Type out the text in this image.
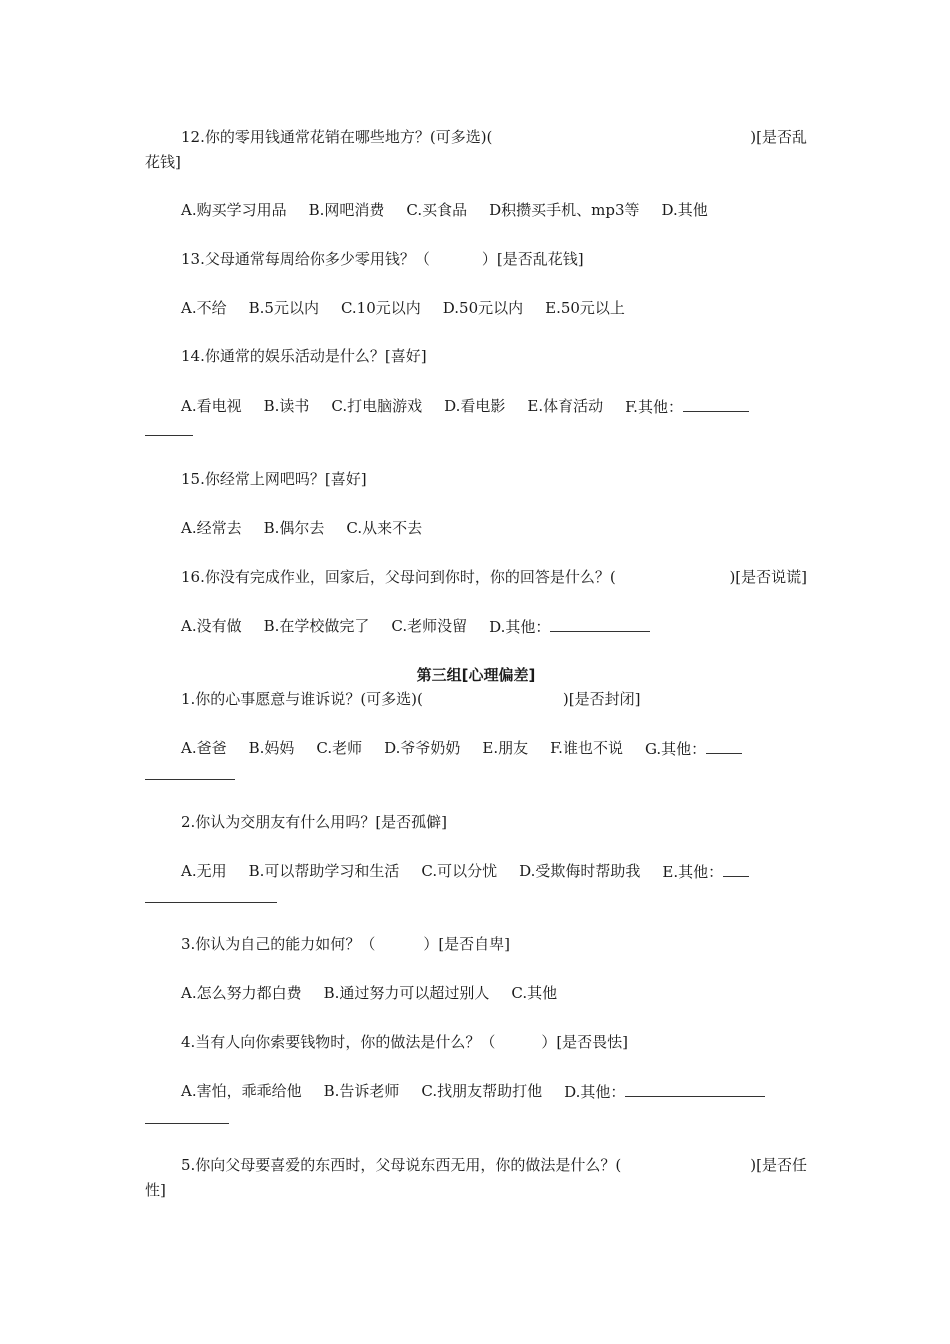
12.你的零用钱通常花销在哪些地方？(可多选)(	)[是否乱
花钱]
A.购买学习用品 B.网吧消费 C.买食品 D积攒买手机、mp3等 D.其他
13.父母通常每周给你多少零用钱？（	）[是否乱花钱]
A.不给 B.5元以内 C.10元以内 D.50元以内 E.50元以上
14.你通常的娱乐活动是什么？[喜好]
A.看电视 B.读书 C.打电脑游戏 D.看电影 E.体育活动 F.其他：
15.你经常上网吧吗？[喜好]
A.经常去 B.偶尔去 C.从来不去
16.你没有完成作业，回家后，父母问到你时，你的回答是什么？(	)[是否说谎]
A.没有做 B.在学校做完了 C.老师没留 D.其他：
第三组[心理偏差]
1.你的心事愿意与谁诉说？(可多选)(	)[是否封闭]
A.爸爸 B.妈妈 C.老师 D.爷爷奶奶 E.朋友 F.谁也不说 G.其他：
2.你认为交朋友有什么用吗？[是否孤僻]
A.无用 B.可以帮助学习和生活 C.可以分忧 D.受欺侮时帮助我 E.其他：
3.你认为自己的能力如何？（	）[是否自卑]
A.怎么努力都白费 B.通过努力可以超过别人 C.其他
4.当有人向你索要钱物时，你的做法是什么？（	）[是否畏怯]
A.害怕，乖乖给他 B.告诉老师 C.找朋友帮助打他 D.其他：
5.你向父母要喜爱的东西时，父母说东西无用，你的做法是什么？(	)[是否任
性]
